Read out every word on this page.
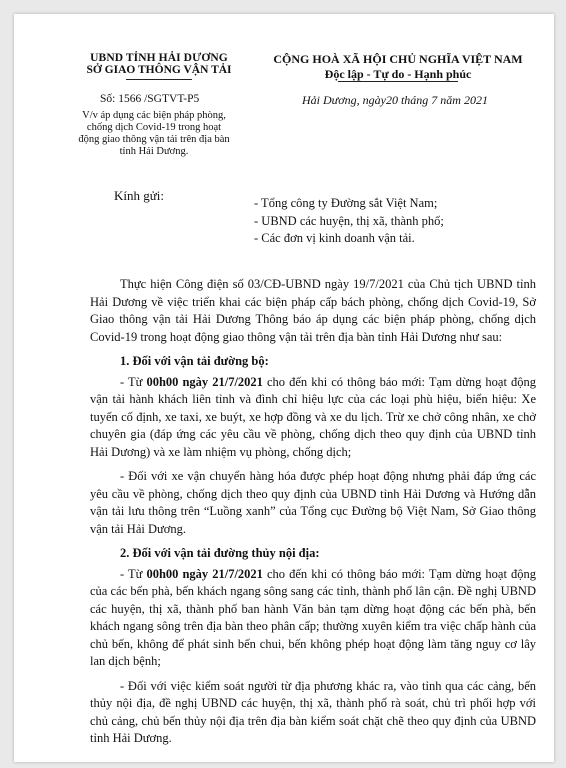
UBND TỈNH HẢI DƯƠNG
SỞ GIAO THÔNG VẬN TẢI
CỘNG HOÀ XÃ HỘI CHỦ NGHĨA VIỆT NAM
Độc lập - Tự do - Hạnh phúc
Số: 1566 /SGTVT-P5	Hải Dương, ngày20 tháng 7 năm 2021
V/v áp dụng các biện pháp phòng,
chống dịch Covid-19 trong hoạt
động giao thông vận tải trên địa bàn
tỉnh Hải Dương.
Kính gửi:	- Tổng công ty Đường sắt Việt Nam;
- UBND các huyện, thị xã, thành phố;
- Các đơn vị kinh doanh vận tải.

Thực hiện Công điện số 03/CĐ-UBND ngày 19/7/2021 của Chủ tịch UBND tỉnh Hải Dương về việc triển khai các biện pháp cấp bách phòng, chống dịch Covid-19, Sở Giao thông vận tải Hải Dương Thông báo áp dụng các biện pháp phòng, chống dịch Covid-19 trong hoạt động giao thông vận tải trên địa bàn tỉnh Hải Dương như sau:

1. Đối với vận tải đường bộ:

- Từ 00h00 ngày 21/7/2021 cho đến khi có thông báo mới: Tạm dừng hoạt động vận tải hành khách liên tỉnh và đình chỉ hiệu lực của các loại phù hiệu, biển hiệu: Xe tuyến cố định, xe taxi, xe buýt, xe hợp đồng và xe du lịch. Trừ xe chở công nhân, xe chở chuyên gia (đáp ứng các yêu cầu về phòng, chống dịch theo quy định của UBND tỉnh Hải Dương) và xe làm nhiệm vụ phòng, chống dịch;

- Đối với xe vận chuyển hàng hóa được phép hoạt động nhưng phải đáp ứng các yêu cầu về phòng, chống dịch theo quy định của UBND tỉnh Hải Dương và Hướng dẫn vận tải lưu thông trên “Luồng xanh” của Tổng cục Đường bộ Việt Nam, Sở Giao thông vận tải Hải Dương.

2. Đối với vận tải đường thủy nội địa:

- Từ 00h00 ngày 21/7/2021 cho đến khi có thông báo mới: Tạm dừng hoạt động của các bến phà, bến khách ngang sông sang các tỉnh, thành phố lân cận. Đề nghị UBND các huyện, thị xã, thành phố ban hành Văn bản tạm dừng hoạt động các bến phà, bến khách ngang sông trên địa bàn theo phân cấp; thường xuyên kiểm tra việc chấp hành của chủ bến, không để phát sinh bến chui, bến không phép hoạt động làm tăng nguy cơ lây lan dịch bệnh;

- Đối với việc kiểm soát người từ địa phương khác ra, vào tỉnh qua các cảng, bến thủy nội địa, đề nghị UBND các huyện, thị xã, thành phố rà soát, chủ trì phối hợp với chủ cảng, chủ bến thủy nội địa trên địa bàn kiểm soát chặt chẽ theo quy định của UBND tỉnh Hải Dương.
